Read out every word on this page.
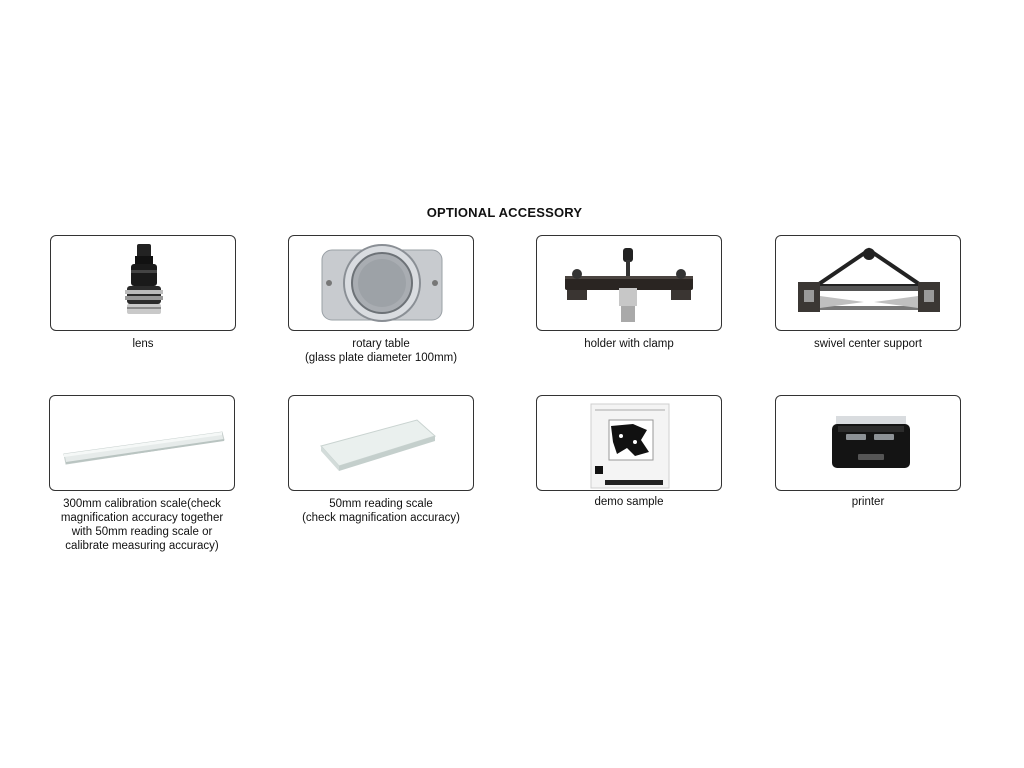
OPTIONAL ACCESSORY
lens	rotary table
(glass plate diameter 100mm)
holder with clamp	swivel center support
300mm calibration scale(check
magnification accuracy together
with 50mm reading scale or
calibrate measuring accuracy)
50mm reading scale
(check magnification accuracy)
demo sample	printer
